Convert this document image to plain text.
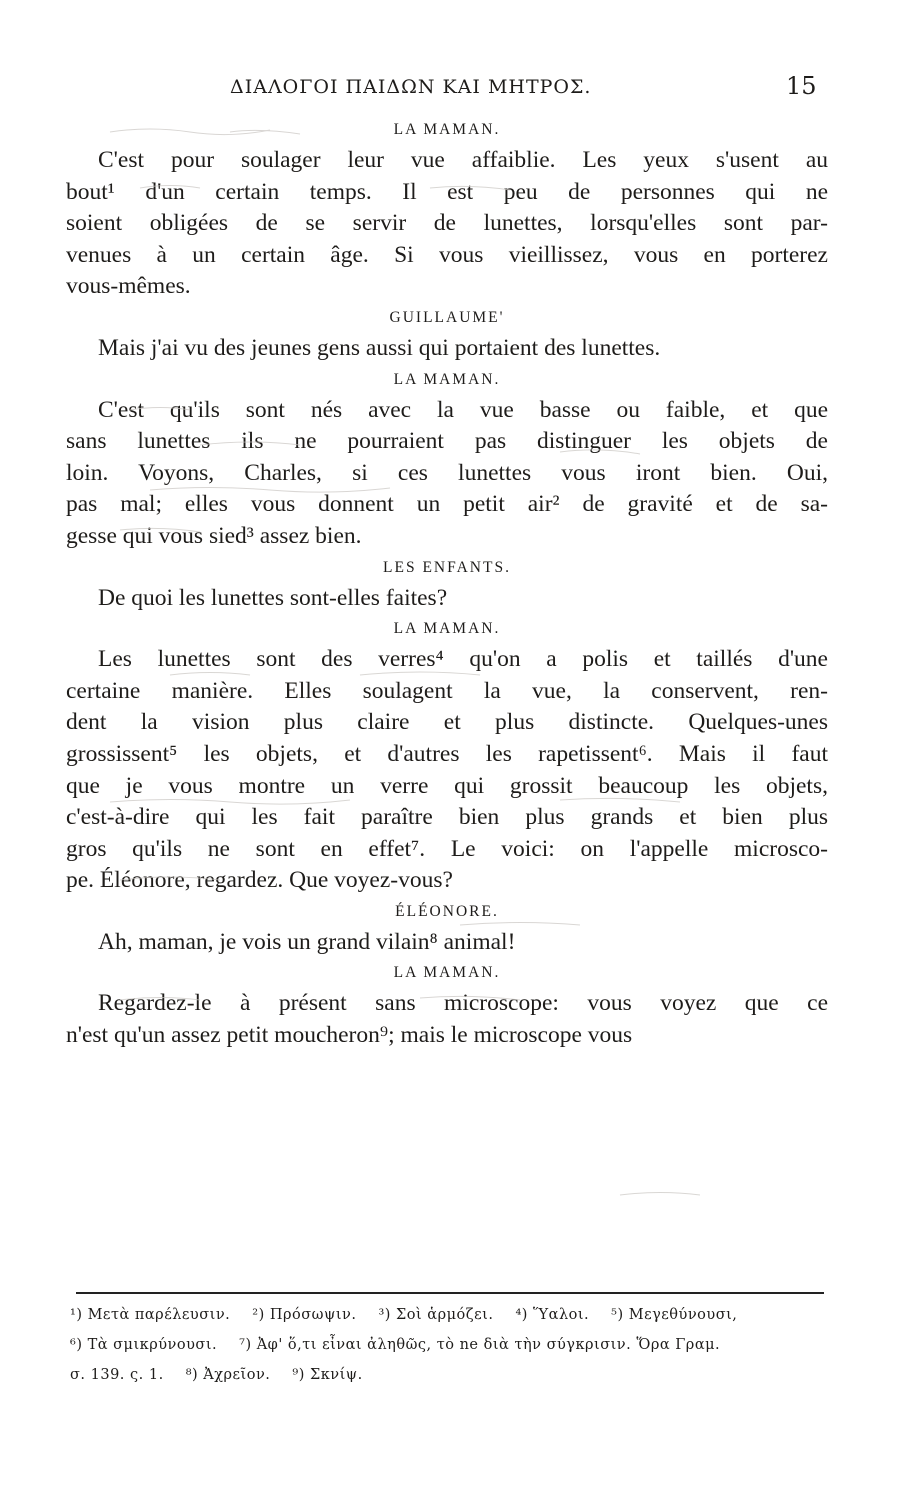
ΔΙΑΛΟΓΟΙ ΠΑΙΔΩΝ ΚΑΙ ΜΗΤΡΟΣ.	15
LA MAMAN.
C'est pour soulager leur vue affaiblie. Les yeux s'usent au
bout¹ d'un certain temps. Il est peu de personnes qui ne
soient obligées de se servir de lunettes, lorsqu'elles sont par-
venues à un certain âge. Si vous vieillissez, vous en porterez
vous-mêmes.
GUILLAUME'
Mais j'ai vu des jeunes gens aussi qui portaient des lunettes.
LA MAMAN.
C'est qu'ils sont nés avec la vue basse ou faible, et que
sans lunettes ils ne pourraient pas distinguer les objets de
loin. Voyons, Charles, si ces lunettes vous iront bien. Oui,
pas mal; elles vous donnent un petit air² de gravité et de sa-
gesse qui vous sied³ assez bien.
LES ENFANTS.
De quoi les lunettes sont-elles faites?
LA MAMAN.
Les lunettes sont des verres⁴ qu'on a polis et taillés d'une
certaine manière. Elles soulagent la vue, la conservent, ren-
dent la vision plus claire et plus distincte. Quelques-unes
grossissent⁵ les objets, et d'autres les rapetissent⁶. Mais il faut
que je vous montre un verre qui grossit beaucoup les objets,
c'est-à-dire qui les fait paraître bien plus grands et bien plus
gros qu'ils ne sont en effet⁷. Le voici: on l'appelle microsco-
pe. Éléonore, regardez. Que voyez-vous?
ÉLÉONORE.
Ah, maman, je vois un grand vilain⁸ animal!
LA MAMAN.
Regardez-le à présent sans microscope: vous voyez que ce
n'est qu'un assez petit moucheron⁹; mais le microscope vous
¹) Μετὰ παρέλευσιν. ²) Πρόσωψιν. ³) Σοὶ ἁρμόζει. ⁴) Ὕαλοι. ⁵) Μεγεθύνουσι,
⁶) Τὰ σμικρύνουσι. ⁷) Ἀφ' ὅ,τι εἶναι ἀληθῶς, τὸ ne διὰ τὴν σύγκρισιν. Ὅρα Γραμ.
σ. 139. ς. 1. ⁸) Ἀχρεῖον. ⁹) Σκνίψ.
